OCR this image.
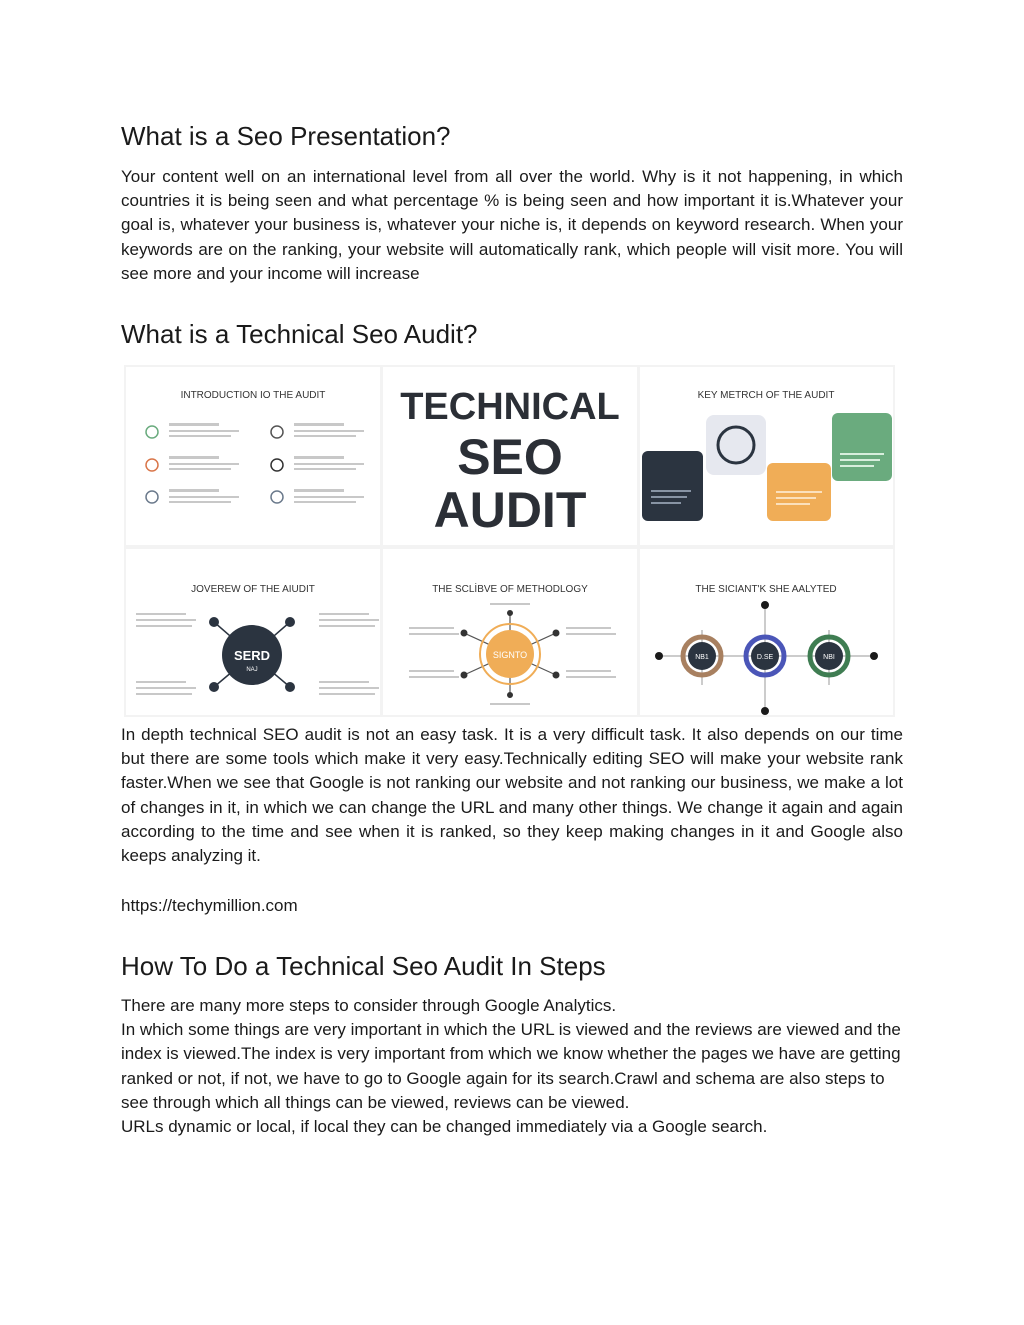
What is a Seo Presentation?

Your content well on an international level from all over the world. Why is it not happening, in which countries it is being seen and what percentage % is being seen and how important it is.Whatever your goal is, whatever your business is, whatever your niche is, it depends on keyword research. When your keywords are on the ranking, your website will automatically rank, which people will visit more. You will see more and your income will increase

What is a Technical Seo Audit?
INTRODUCTION IO THE AUDIT TECHNICAL
SEO
AUDIT
KEY METRCH OF THE AUDIT
JOVEREW OF THE AIUDIT
SERD
NAJ
THE SCLİBVE OF METHODLOGY
SIGNTO
THE SICIANT'K SHE AALYTED
NB1	D.SE	NBI

In depth technical SEO audit is not an easy task. It is a very difficult task. It also depends on our time but there are some tools which make it very easy.Technically editing SEO will make your website rank faster.When we see that Google is not ranking our website and not ranking our business, we make a lot of changes in it, in which we can change the URL and many other things. We change it again and again according to the time and see when it is ranked, so they keep making changes in it and Google also keeps analyzing it.

https://techymillion.com

How To Do a Technical Seo Audit In Steps
There are many more steps to consider through Google Analytics.
In which some things are very important in which the URL is viewed and the reviews are viewed and the index is viewed.The index is very important from which we know whether the pages we have are getting ranked or not, if not, we have to go to Google again for its search.Crawl and schema are also steps to see through which all things can be viewed, reviews can be viewed.
URLs dynamic or local, if local they can be changed immediately via a Google search.
